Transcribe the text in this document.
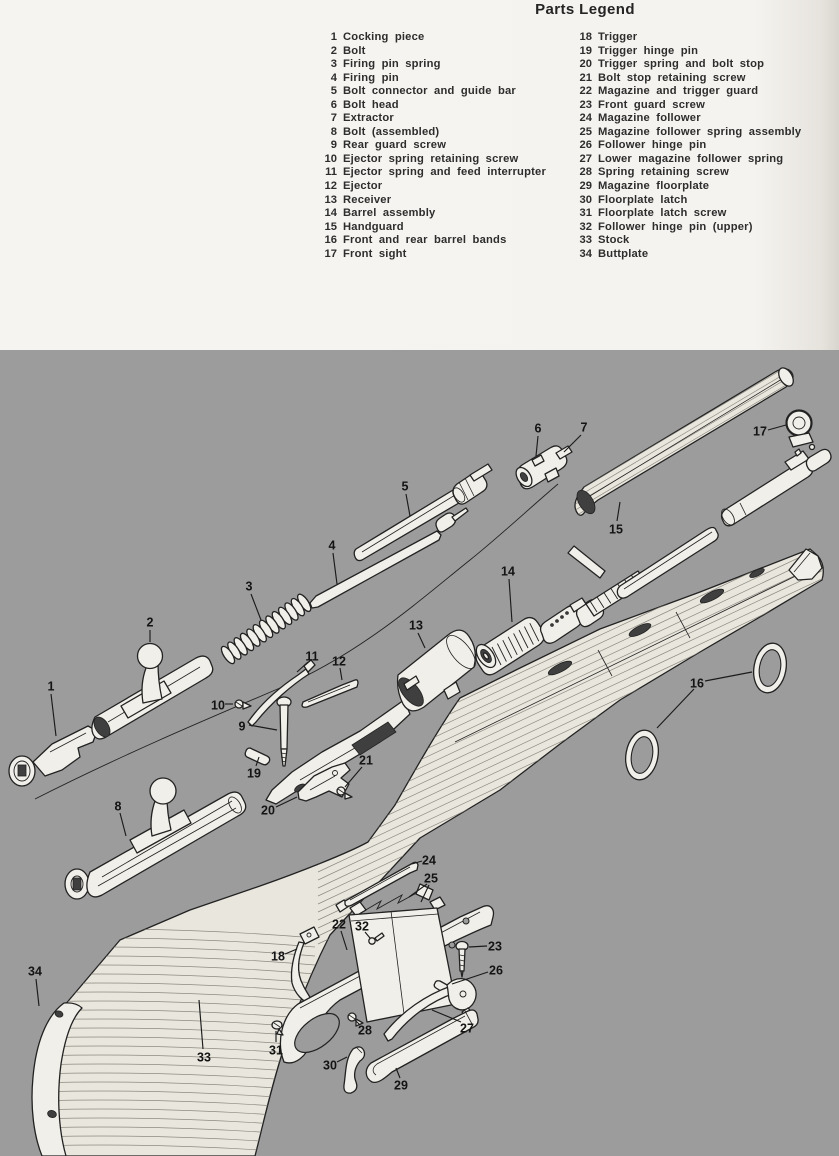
Parts Legend
1 Cocking piece
2 Bolt
3 Firing pin spring
4 Firing pin
5 Bolt connector and guide bar
6 Bolt head
7 Extractor
8 Bolt (assembled)
9 Rear guard screw
10 Ejector spring retaining screw
11 Ejector spring and feed interrupter
12 Ejector
13 Receiver
14 Barrel assembly
15 Handguard
16 Front and rear barrel bands
17 Front sight
18 Trigger
19 Trigger hinge pin
20 Trigger spring and bolt stop
21 Bolt stop retaining screw
22 Magazine and trigger guard
23 Front guard screw
24 Magazine follower
25 Magazine follower spring assembly
26 Follower hinge pin
27 Lower magazine follower spring
28 Spring retaining screw
29 Magazine floorplate
30 Floorplate latch
31 Floorplate latch screw
32 Follower hinge pin (upper)
33 Stock
34 Buttplate
1
2
3
4
5
6	7
8
9
10
11 12
13
14
15
16
17
18
19
20
21
22
23
24
25
26
27
28
29
30
31
32
33
34
